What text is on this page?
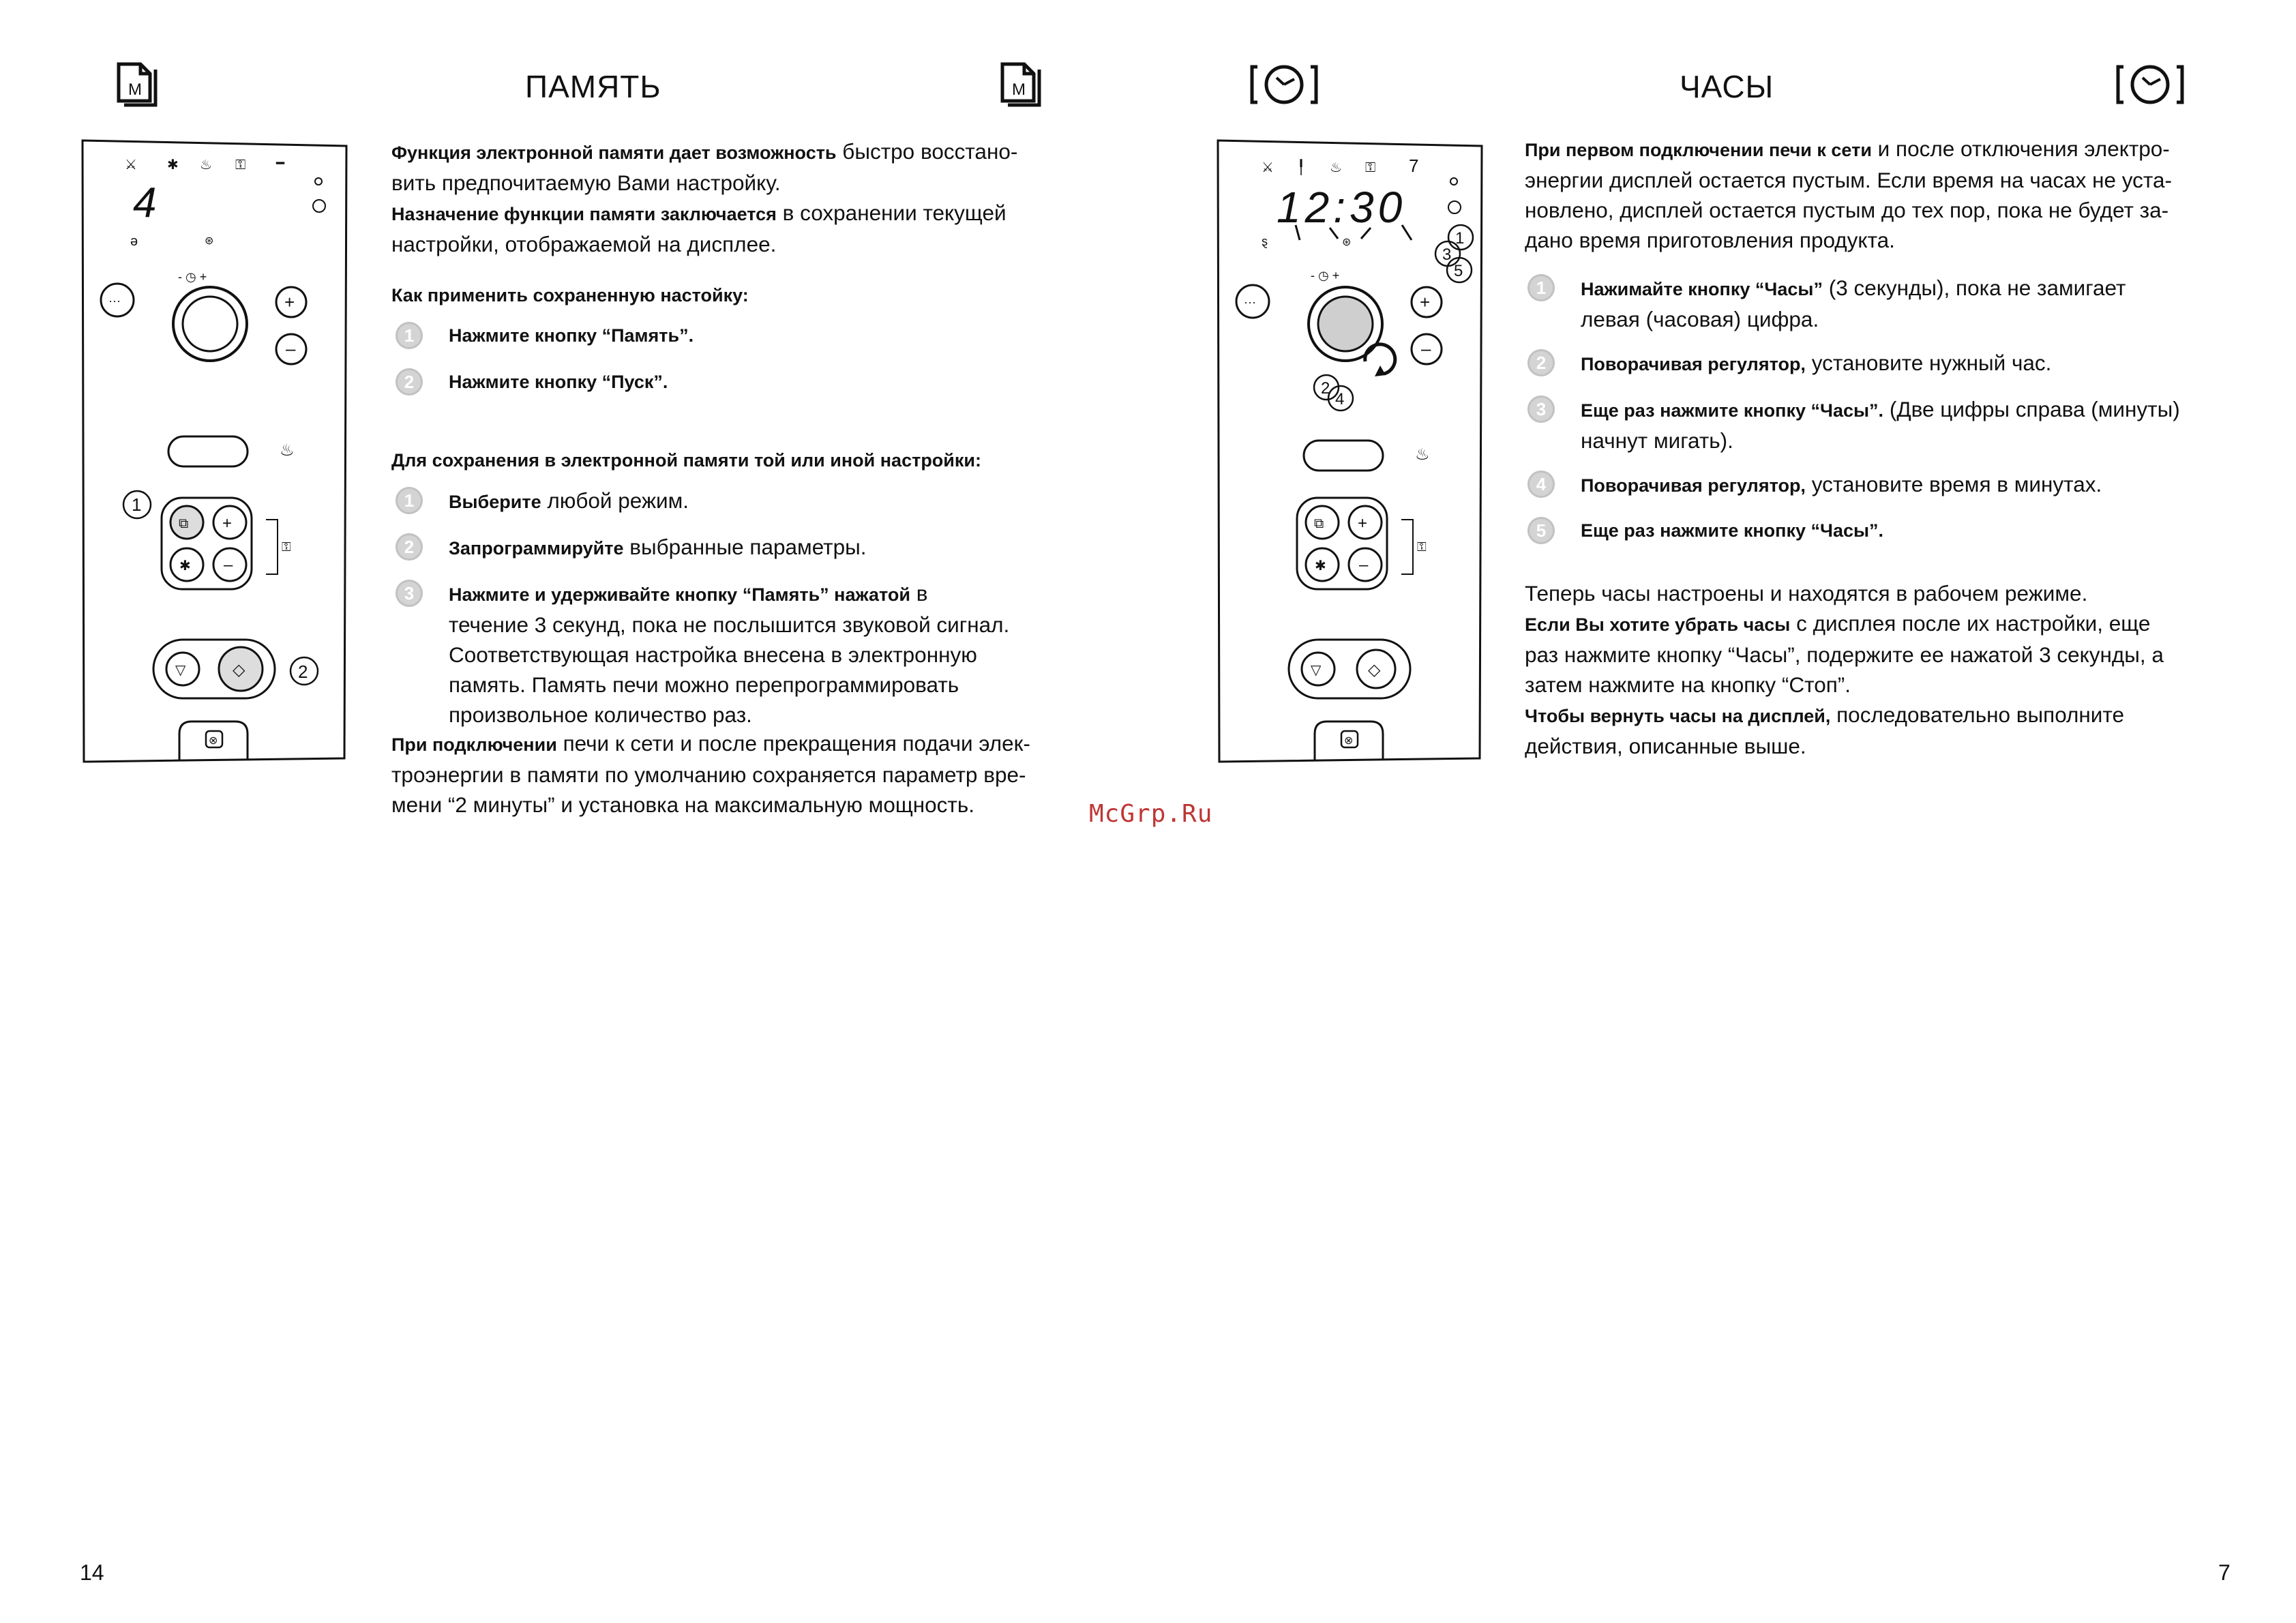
M	ПАМЯТЬ	M
⚔ ✱ ♨ ⚿ ━
4
ə	⊛
- ◷ +
···	+
–
♨
⧉ +
✱ –
⚿
1
▽	◇	2
⊗

Функция электронной памяти дает возможность быстро восстано-

вить предпочитаемую Вами настройку.

Назначение функции памяти заключается в сохранении текущей

настройки, отображаемой на дисплее.

Как применить сохраненную настойку:
1	Нажмите кнопку “Память”.
2	Нажмите кнопку “Пуск”.
Для сохранения в электронной памяти той или иной настройки:
1	Выберите любой режим.
2	Запрограммируйте выбранные параметры.
3	Нажмите и удерживайте кнопку “Память” нажатой в

течение 3 секунд, пока не послышится звуковой сигнал.

Соответствующая настройка внесена в электронную

память. Память печи можно перепрограммировать

произвольное количество раз.

При подключении печи к сети и после прекращения подачи элек-

троэнергии в памяти по умолчанию сохраняется параметр вре-

мени “2 минуты” и установка на максимальную мощность.	McGrp.Ru
14
ЧАСЫ
⚔ ╿ ♨ ⚿ 7
12:30
ȿ	⊛	1
3
5
- ◷ +
···	+
–
2
4
♨
⧉ +
✱ –
⚿
▽	◇
⊗

При первом подключении печи к сети и после отключения электро-

энергии дисплей остается пустым. Если время на часах не уста-

новлено, дисплей остается пустым до тех пор, пока не будет за-

дано время приготовления продукта.

1	Нажимайте кнопку “Часы” (3 секунды), пока не замигает

левая (часовая) цифра.

2	Поворачивая регулятор, установите нужный час.
3	Еще раз нажмите кнопку “Часы”. (Две цифры справа (минуты)

начнут мигать).

4	Поворачивая регулятор, установите время в минутах.
5	Еще раз нажмите кнопку “Часы”.

Теперь часы настроены и находятся в рабочем режиме.

Если Вы хотите убрать часы с дисплея после их настройки, еще

раз нажмите кнопку “Часы”, подержите ее нажатой 3 секунды, а

затем нажмите на кнопку “Стоп”.

Чтобы вернуть часы на дисплей, последовательно выполните

действия, описанные выше.

7
